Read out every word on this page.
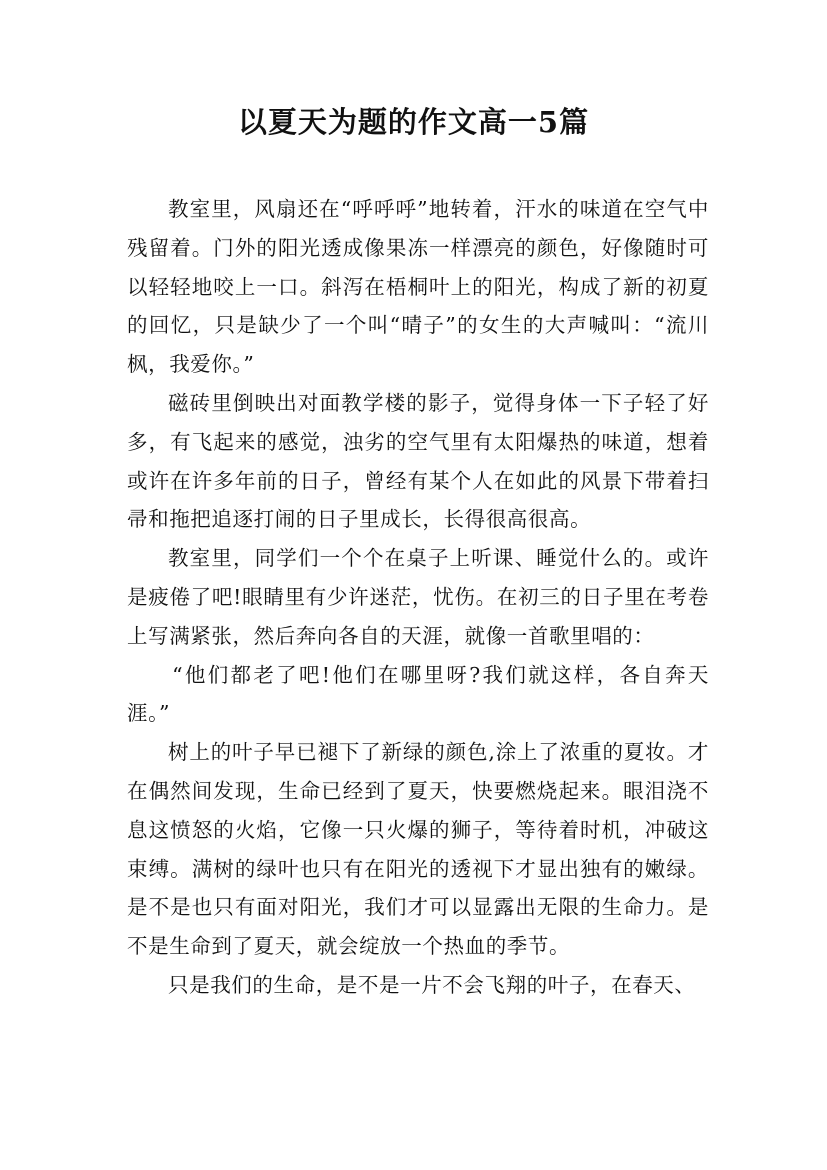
以夏天为题的作文高一5篇

教室里，风扇还在“呼呼呼”地转着，汗水的味道在空气中残留着。门外的阳光透成像果冻一样漂亮的颜色，好像随时可以轻轻地咬上一口。斜泻在梧桐叶上的阳光，构成了新的初夏的回忆，只是缺少了一个叫“晴子”的女生的大声喊叫：“流川枫，我爱你。”

磁砖里倒映出对面教学楼的影子，觉得身体一下子轻了好多，有飞起来的感觉，浊劣的空气里有太阳爆热的味道，想着或许在许多年前的日子，曾经有某个人在如此的风景下带着扫帚和拖把追逐打闹的日子里成长，长得很高很高。

教室里，同学们一个个在桌子上听课、睡觉什么的。或许是疲倦了吧!眼睛里有少许迷茫，忧伤。在初三的日子里在考卷上写满紧张，然后奔向各自的天涯，就像一首歌里唱的：

“他们都老了吧!他们在哪里呀?我们就这样，各自奔天涯。”

树上的叶子早已褪下了新绿的颜色,涂上了浓重的夏妆。才在偶然间发现，生命已经到了夏天，快要燃烧起来。眼泪浇不息这愤怒的火焰，它像一只火爆的狮子，等待着时机，冲破这束缚。满树的绿叶也只有在阳光的透视下才显出独有的嫩绿。是不是也只有面对阳光，我们才可以显露出无限的生命力。是不是生命到了夏天，就会绽放一个热血的季节。

只是我们的生命，是不是一片不会飞翔的叶子，在春天、
